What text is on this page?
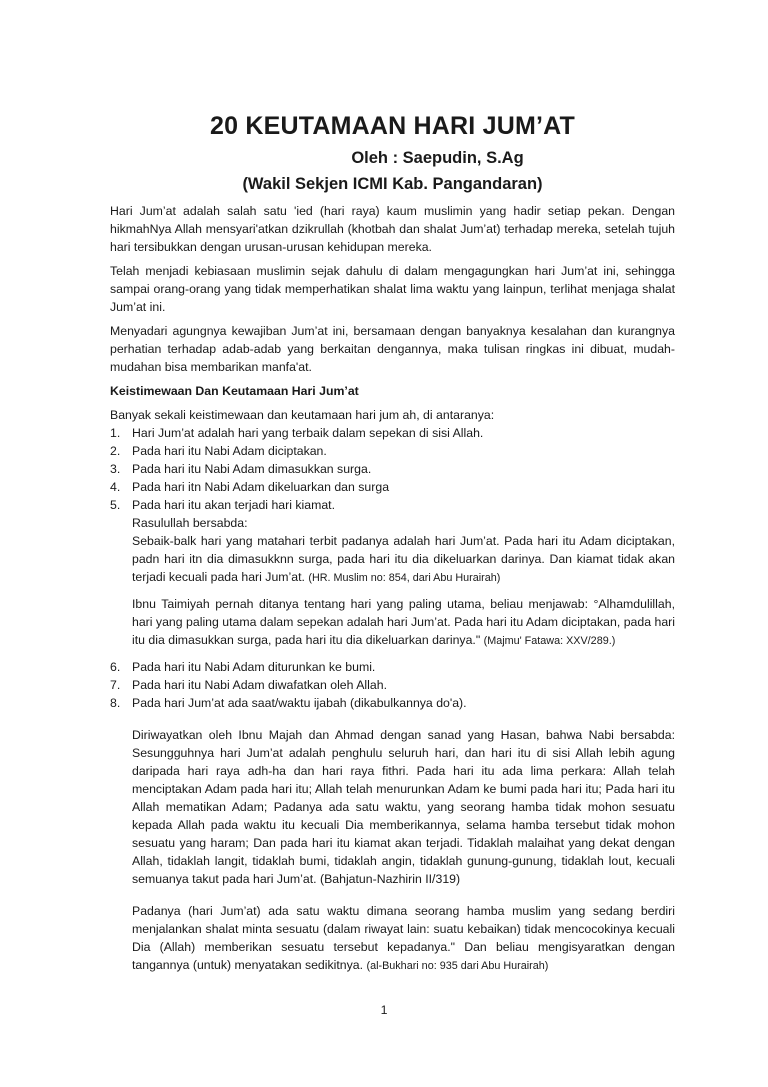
20 KEUTAMAAN HARI JUM’AT
Oleh : Saepudin, S.Ag
(Wakil Sekjen ICMI Kab. Pangandaran)

Hari Jum’at adalah salah satu 'ied (hari raya) kaum muslimin yang hadir setiap pekan. Dengan hikmahNya Allah mensyari'atkan dzikrullah (khotbah dan shalat Jum’at) terhadap mereka, setelah tujuh hari tersibukkan dengan urusan-urusan kehidupan mereka.

Telah menjadi kebiasaan muslimin sejak dahulu di dalam mengagungkan hari Jum’at ini, sehingga sampai orang-orang yang tidak memperhatikan shalat lima waktu yang lainpun, terlihat menjaga shalat Jum’at ini.

Menyadari agungnya kewajiban Jum’at ini, bersamaan dengan banyaknya kesalahan dan kurangnya perhatian terhadap adab-adab yang berkaitan dengannya, maka tulisan ringkas ini dibuat, mudah-mudahan bisa membarikan manfa'at.

Keistimewaan Dan Keutamaan Hari Jum’at

Banyak sekali keistimewaan dan keutamaan hari jum ah, di antaranya:

1. Hari Jum’at adalah hari yang terbaik dalam sepekan di sisi Allah.
2. Pada hari itu Nabi Adam diciptakan.
3. Pada hari itu Nabi Adam dimasukkan surga.
4. Pada hari itn Nabi Adam dikeluarkan dan surga
5. Pada hari itu akan terjadi hari kiamat.

Rasulullah bersabda:

Sebaik-balk hari yang matahari terbit padanya adalah hari Jum’at. Pada hari itu Adam diciptakan, padn hari itn dia dimasukknn surga, pada hari itu dia dikeluarkan darinya. Dan kiamat tidak akan terjadi kecuali pada hari Jum’at. (HR. Muslim no: 854, dari Abu Hurairah)

Ibnu Taimiyah pernah ditanya tentang hari yang paling utama, beliau menjawab: °Alhamdulillah, hari yang paling utama dalam sepekan adalah hari Jum’at. Pada hari itu Adam diciptakan, pada hari itu dia dimasukkan surga, pada hari itu dia dikeluarkan darinya." (Majmu' Fatawa: XXV/289.)

6. Pada hari itu Nabi Adam diturunkan ke bumi.
7. Pada hari itu Nabi Adam diwafatkan oleh Allah.
8. Pada hari Jum’at ada saat/waktu ijabah (dikabulkannya do'a).

Diriwayatkan oleh Ibnu Majah dan Ahmad dengan sanad yang Hasan, bahwa Nabi bersabda: Sesungguhnya hari Jum’at adalah penghulu seluruh hari, dan hari itu di sisi Allah lebih agung daripada hari raya adh-ha dan hari raya fithri. Pada hari itu ada lima perkara: Allah telah menciptakan Adam pada hari itu; Allah telah menurunkan Adam ke bumi pada hari itu; Pada hari itu Allah mematikan Adam; Padanya ada satu waktu, yang seorang hamba tidak mohon sesuatu kepada Allah pada waktu itu kecuali Dia memberikannya, selama hamba tersebut tidak mohon sesuatu yang haram; Dan pada hari itu kiamat akan terjadi. Tidaklah malaihat yang dekat dengan Allah, tidaklah langit, tidaklah bumi, tidaklah angin, tidaklah gunung-gunung, tidaklah lout, kecuali semuanya takut pada hari Jum’at. (Bahjatun-Nazhirin II/319)

Padanya (hari Jum’at) ada satu waktu dimana seorang hamba muslim yang sedang berdiri menjalankan shalat minta sesuatu (dalam riwayat lain: suatu kebaikan) tidak mencocokinya kecuali Dia (Allah) memberikan sesuatu tersebut kepadanya." Dan beliau mengisyaratkan dengan tangannya (untuk) menyatakan sedikitnya. (al-Bukhari no: 935 dari Abu Hurairah)

1
